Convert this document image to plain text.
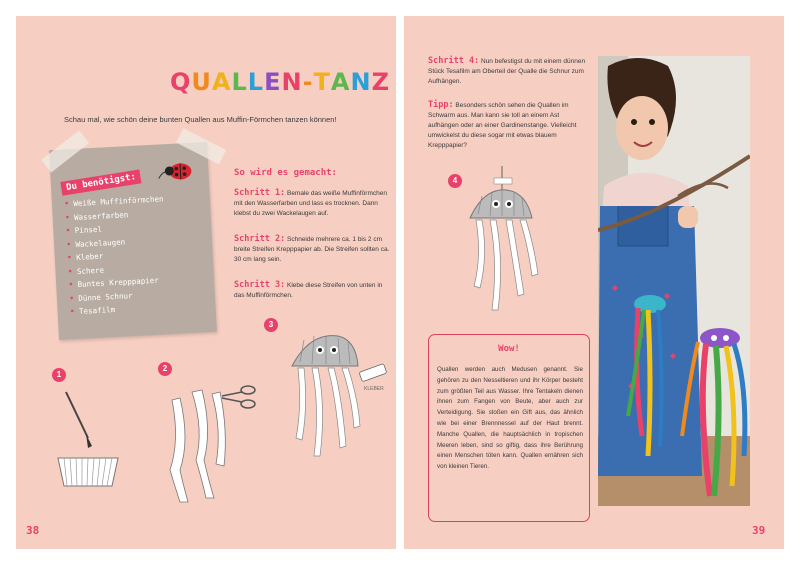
QUALLEN-TANZ
Schau mal, wie schön deine bunten Quallen aus Muffin-Förmchen tanzen können!
Du benötigst:
• Weiße Muffinförmchen
• Wasserfarben
• Pinsel
• Wackelaugen
• Kleber
• Schere
• Buntes Krepppapier
• Dünne Schnur
• Tesafilm
So wird es gemacht:
Schritt 1: Bemale das weiße Muffinförmchen mit den Wasserfarben und lass es trocknen. Dann klebst du zwei Wackelaugen auf.
Schritt 2: Schneide mehrere ca. 1 bis 2 cm breite Streifen Krepppapier ab. Die Streifen sollten ca. 30 cm lang sein.
Schritt 3: Klebe diese Streifen von unten in das Muffinförmchen.
1
2
3
KLEBER
38
Schritt 4: Nun befestigst du mit einem dünnen Stück Tesafilm am Oberteil der Qualle die Schnur zum Aufhängen.
Tipp: Besonders schön sehen die Quallen im Schwarm aus. Man kann sie toll an einem Ast aufhängen oder an einer Gardinenstange. Vielleicht umwickelst du diese sogar mit etwas blauem Krepppapier?
4
Wow!
Quallen werden auch Medusen genannt. Sie gehören zu den Nesseltieren und ihr Körper besteht zum größten Teil aus Wasser. Ihre Tentakeln dienen ihnen zum Fangen von Beute, aber auch zur Verteidigung. Sie stoßen ein Gift aus, das ähnlich wie bei einer Brennnessel auf der Haut brennt. Manche Quallen, die hauptsächlich in tropischen Meeren leben, sind so giftig, dass ihre Berührung einen Menschen töten kann. Quallen ernähren sich von kleinen Tieren.
39
